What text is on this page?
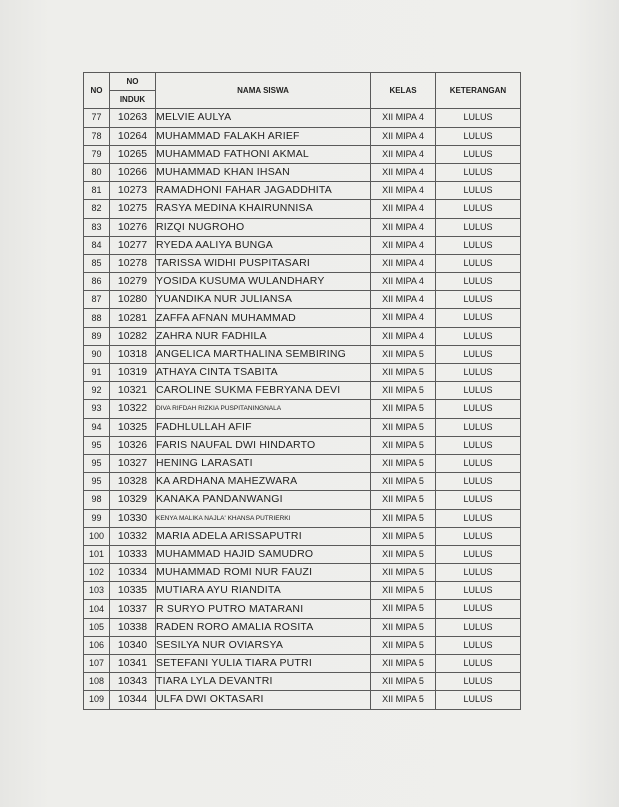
NO	NO	NAMA SISWA	KELAS	KETERANGAN
	INDUK			
77	10263	MELVIE AULYA	XII MIPA 4	LULUS
78	10264	MUHAMMAD FALAKH ARIEF	XII MIPA 4	LULUS
79	10265	MUHAMMAD FATHONI AKMAL	XII MIPA 4	LULUS
80	10266	MUHAMMAD KHAN IHSAN	XII MIPA 4	LULUS
81	10273	RAMADHONI FAHAR JAGADDHITA	XII MIPA 4	LULUS
82	10275	RASYA MEDINA KHAIRUNNISA	XII MIPA 4	LULUS
83	10276	RIZQI NUGROHO	XII MIPA 4	LULUS
84	10277	RYEDA AALIYA BUNGA	XII MIPA 4	LULUS
85	10278	TARISSA WIDHI PUSPITASARI	XII MIPA 4	LULUS
86	10279	YOSIDA KUSUMA WULANDHARY	XII MIPA 4	LULUS
87	10280	YUANDIKA NUR JULIANSA	XII MIPA 4	LULUS
88	10281	ZAFFA AFNAN MUHAMMAD	XII MIPA 4	LULUS
89	10282	ZAHRA NUR FADHILA	XII MIPA 4	LULUS
90	10318	ANGELICA MARTHALINA SEMBIRING	XII MIPA 5	LULUS
91	10319	ATHAYA CINTA TSABITA	XII MIPA 5	LULUS
92	10321	CAROLINE SUKMA FEBRYANA DEVI	XII MIPA 5	LULUS
93	10322	DIVA RIFDAH RIZKIA PUSPITANINGNALA	XII MIPA 5	LULUS
94	10325	FADHLULLAH AFIF	XII MIPA 5	LULUS
95	10326	FARIS NAUFAL DWI HINDARTO	XII MIPA 5	LULUS
95	10327	HENING LARASATI	XII MIPA 5	LULUS
95	10328	KA ARDHANA MAHEZWARA	XII MIPA 5	LULUS
98	10329	KANAKA PANDANWANGI	XII MIPA 5	LULUS
99	10330	KENYA MALIKA NAJLA' KHANSA PUTRIERKI	XII MIPA 5	LULUS
100	10332	MARIA ADELA ARISSAPUTRI	XII MIPA 5	LULUS
101	10333	MUHAMMAD HAJID SAMUDRO	XII MIPA 5	LULUS
102	10334	MUHAMMAD ROMI NUR FAUZI	XII MIPA 5	LULUS
103	10335	MUTIARA AYU RIANDITA	XII MIPA 5	LULUS
104	10337	R SURYO PUTRO MATARANI	XII MIPA 5	LULUS
105	10338	RADEN RORO AMALIA ROSITA	XII MIPA 5	LULUS
106	10340	SESILYA NUR OVIARSYA	XII MIPA 5	LULUS
107	10341	SETEFANI YULIA TIARA PUTRI	XII MIPA 5	LULUS
108	10343	TIARA LYLA DEVANTRI	XII MIPA 5	LULUS
109	10344	ULFA DWI OKTASARI	XII MIPA 5	LULUS
